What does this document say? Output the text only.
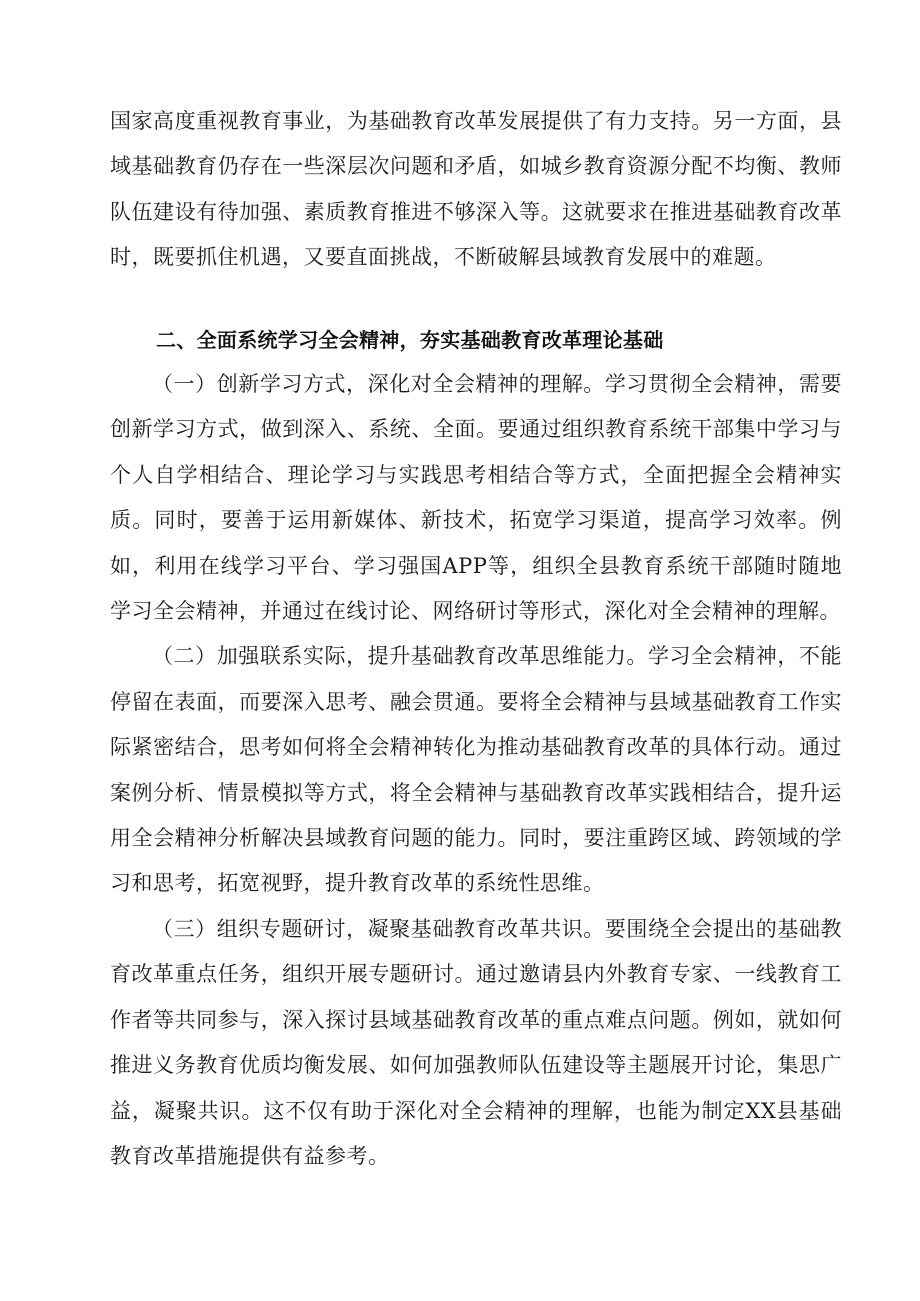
国家高度重视教育事业，为基础教育改革发展提供了有力支持。另一方面，县域基础教育仍存在一些深层次问题和矛盾，如城乡教育资源分配不均衡、教师队伍建设有待加强、素质教育推进不够深入等。这就要求在推进基础教育改革时，既要抓住机遇，又要直面挑战，不断破解县域教育发展中的难题。

二、全面系统学习全会精神，夯实基础教育改革理论基础

（一）创新学习方式，深化对全会精神的理解。学习贯彻全会精神，需要创新学习方式，做到深入、系统、全面。要通过组织教育系统干部集中学习与个人自学相结合、理论学习与实践思考相结合等方式，全面把握全会精神实质。同时，要善于运用新媒体、新技术，拓宽学习渠道，提高学习效率。例如，利用在线学习平台、学习强国APP等，组织全县教育系统干部随时随地学习全会精神，并通过在线讨论、网络研讨等形式，深化对全会精神的理解。

（二）加强联系实际，提升基础教育改革思维能力。学习全会精神，不能停留在表面，而要深入思考、融会贯通。要将全会精神与县域基础教育工作实际紧密结合，思考如何将全会精神转化为推动基础教育改革的具体行动。通过案例分析、情景模拟等方式，将全会精神与基础教育改革实践相结合，提升运用全会精神分析解决县域教育问题的能力。同时，要注重跨区域、跨领域的学习和思考，拓宽视野，提升教育改革的系统性思维。

（三）组织专题研讨，凝聚基础教育改革共识。要围绕全会提出的基础教育改革重点任务，组织开展专题研讨。通过邀请县内外教育专家、一线教育工作者等共同参与，深入探讨县域基础教育改革的重点难点问题。例如，就如何推进义务教育优质均衡发展、如何加强教师队伍建设等主题展开讨论，集思广益，凝聚共识。这不仅有助于深化对全会精神的理解，也能为制定XX县基础教育改革措施提供有益参考。
